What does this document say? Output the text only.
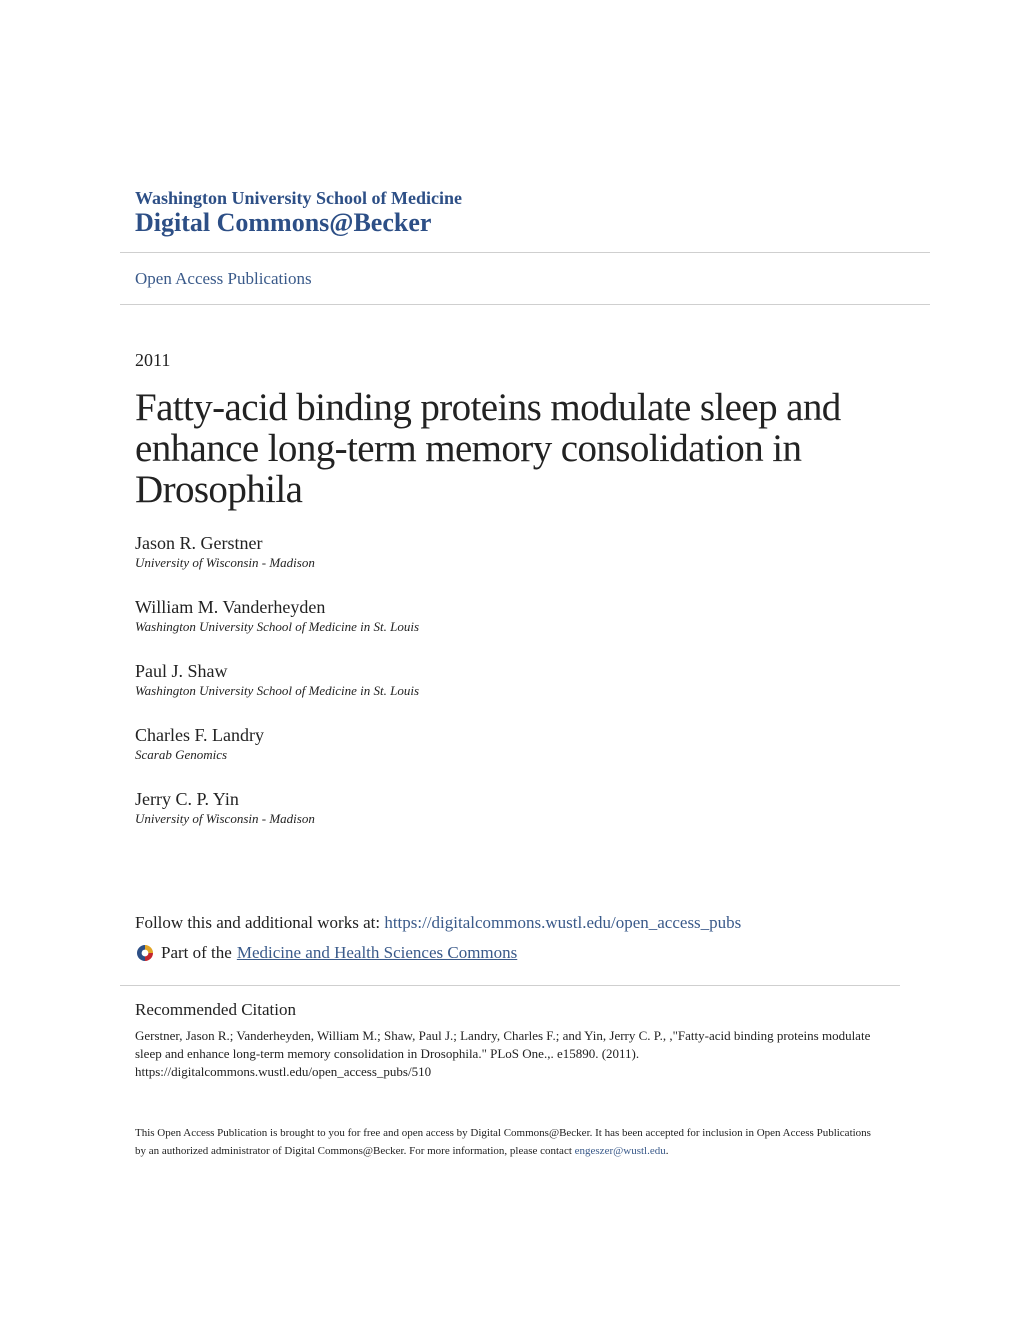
Washington University School of Medicine
Digital Commons@Becker
Open Access Publications
2011
Fatty-acid binding proteins modulate sleep and enhance long-term memory consolidation in Drosophila
Jason R. Gerstner
University of Wisconsin - Madison
William M. Vanderheyden
Washington University School of Medicine in St. Louis
Paul J. Shaw
Washington University School of Medicine in St. Louis
Charles F. Landry
Scarab Genomics
Jerry C. P. Yin
University of Wisconsin - Madison
Follow this and additional works at: https://digitalcommons.wustl.edu/open_access_pubs
Part of the Medicine and Health Sciences Commons
Recommended Citation
Gerstner, Jason R.; Vanderheyden, William M.; Shaw, Paul J.; Landry, Charles F.; and Yin, Jerry C. P., ,"Fatty-acid binding proteins modulate sleep and enhance long-term memory consolidation in Drosophila." PLoS One.,. e15890. (2011).
https://digitalcommons.wustl.edu/open_access_pubs/510
This Open Access Publication is brought to you for free and open access by Digital Commons@Becker. It has been accepted for inclusion in Open Access Publications by an authorized administrator of Digital Commons@Becker. For more information, please contact engeszer@wustl.edu.
